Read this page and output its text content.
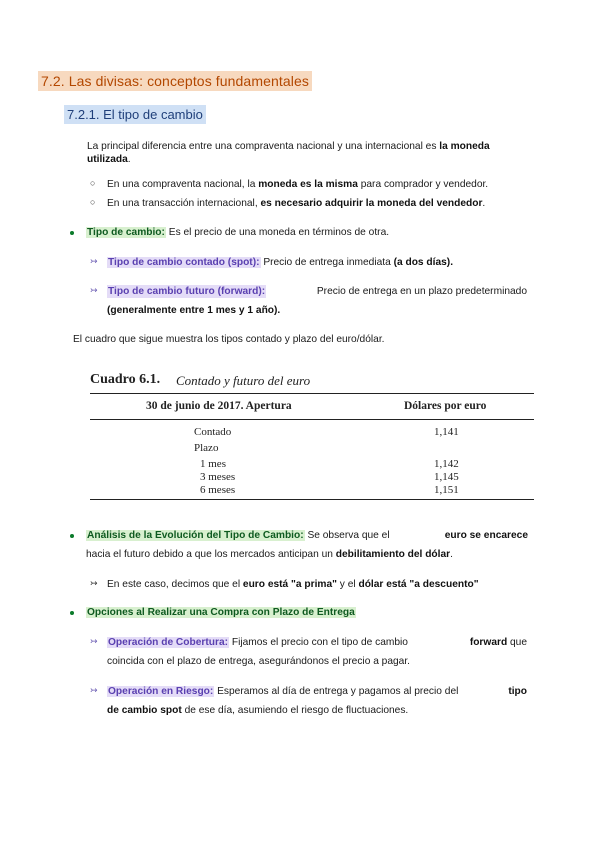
7.2. Las divisas: conceptos fundamentales
7.2.1. El tipo de cambio
La principal diferencia entre una compraventa nacional y una internacional es la moneda utilizada.
○ En una compraventa nacional, la moneda es la misma para comprador y vendedor.
○ En una transacción internacional, es necesario adquirir la moneda del vendedor.
Tipo de cambio: Es el precio de una moneda en términos de otra.
↣ Tipo de cambio contado (spot): Precio de entrega inmediata (a dos días).
↣ Tipo de cambio futuro (forward):	Precio de entrega en un plazo predeterminado
(generalmente entre 1 mes y 1 año).
El cuadro que sigue muestra los tipos contado y plazo del euro/dólar.
Cuadro 6.1. Contado y futuro del euro
30 de junio de 2017. Apertura	Dólares por euro
Contado	1,141
Plazo
1 mes	1,142
3 meses	1,145
6 meses	1,151
Análisis de la Evolución del Tipo de Cambio: Se observa que el	euro se encarece
hacia el futuro debido a que los mercados anticipan un debilitamiento del dólar.
↣ En este caso, decimos que el euro está "a prima" y el dólar está "a descuento"
Opciones al Realizar una Compra con Plazo de Entrega
↣ Operación de Cobertura: Fijamos el precio con el tipo de cambio	forward que
coincida con el plazo de entrega, asegurándonos el precio a pagar.
↣ Operación en Riesgo: Esperamos al día de entrega y pagamos al precio del	tipo
de cambio spot de ese día, asumiendo el riesgo de fluctuaciones.
